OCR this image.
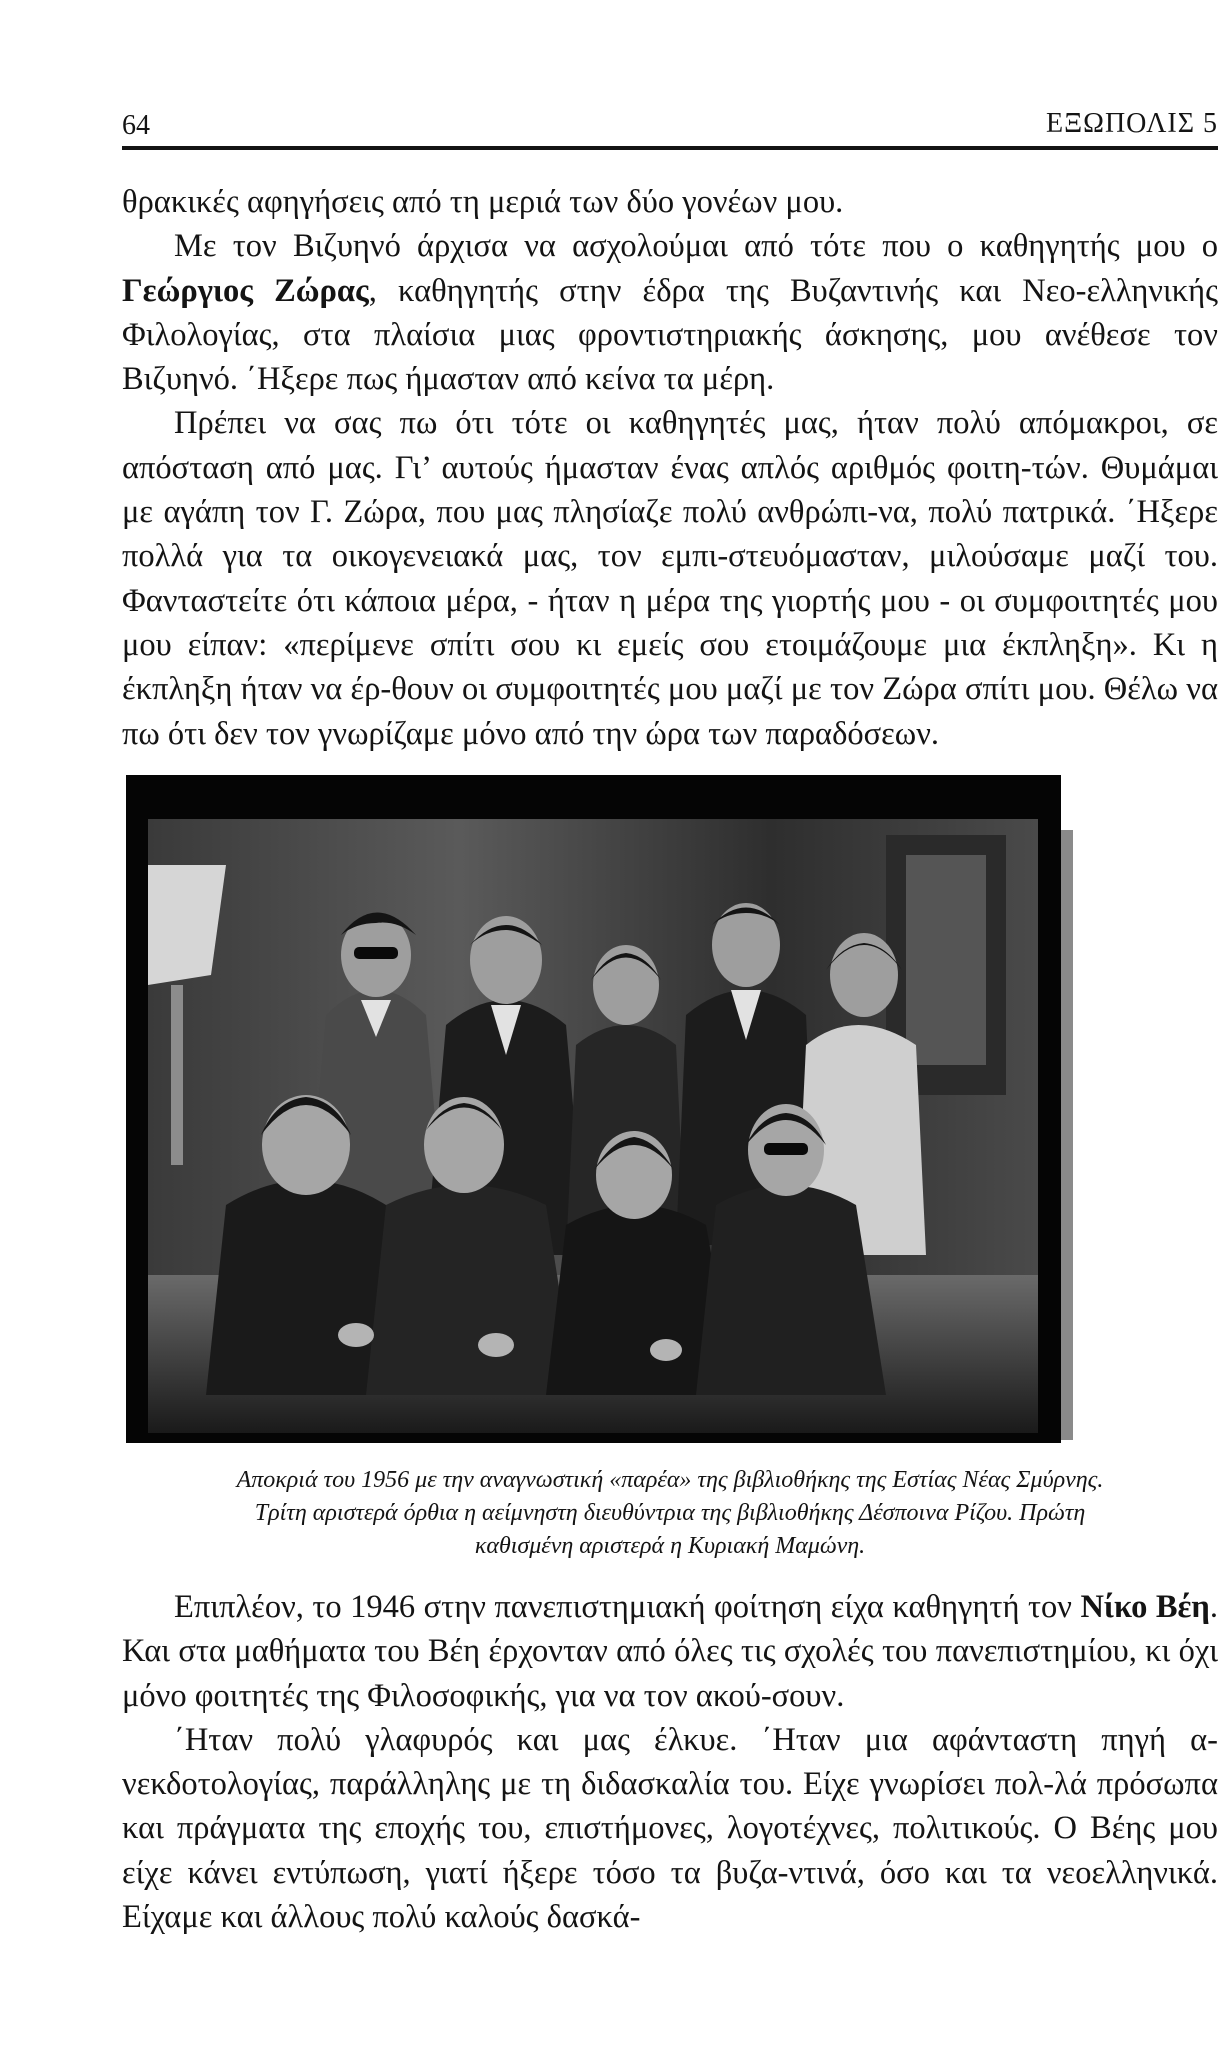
64	ΕΞΩΠΟΛΙΣ 5

θρακικές αφηγήσεις από τη μεριά των δύο γονέων μου.

Με τον Βιζυηνό άρχισα να ασχολούμαι από τότε που ο καθηγητής μου ο Γεώργιος Ζώρας, καθηγητής στην έδρα της Βυζαντινής και Νεο-ελληνικής Φιλολογίας, στα πλαίσια μιας φροντιστηριακής άσκησης, μου ανέθεσε τον Βιζυηνό. ΄Ηξερε πως ήμασταν από κείνα τα μέρη.

Πρέπει να σας πω ότι τότε οι καθηγητές μας, ήταν πολύ απόμακροι, σε απόσταση από μας. Γι’ αυτούς ήμασταν ένας απλός αριθμός φοιτη-τών. Θυμάμαι με αγάπη τον Γ. Ζώρα, που μας πλησίαζε πολύ ανθρώπι-να, πολύ πατρικά. ΄Ηξερε πολλά για τα οικογενειακά μας, τον εμπι-στευόμασταν, μιλούσαμε μαζί του. Φανταστείτε ότι κάποια μέρα, - ήταν η μέρα της γιορτής μου - οι συμφοιτητές μου μου είπαν: «περίμενε σπίτι σου κι εμείς σου ετοιμάζουμε μια έκπληξη». Κι η έκπληξη ήταν να έρ-θουν οι συμφοιτητές μου μαζί με τον Ζώρα σπίτι μου. Θέλω να πω ότι δεν τον γνωρίζαμε μόνο από την ώρα των παραδόσεων.

Αποκριά του 1956 με την αναγνωστική «παρέα» της βιβλιοθήκης της Εστίας Νέας Σμύρνης.
Τρίτη αριστερά όρθια η αείμνηστη διευθύντρια της βιβλιοθήκης Δέσποινα Ρίζου. Πρώτη
καθισμένη αριστερά η Κυριακή Μαμώνη.

Επιπλέον, το 1946 στην πανεπιστημιακή φοίτηση είχα καθηγητή τον Νίκο Βέη. Και στα μαθήματα του Βέη έρχονταν από όλες τις σχολές του πανεπιστημίου, κι όχι μόνο φοιτητές της Φιλοσοφικής, για να τον ακού-σουν.

΄Ηταν πολύ γλαφυρός και μας έλκυε. ΄Ηταν μια αφάνταστη πηγή α-νεκδοτολογίας, παράλληλης με τη διδασκαλία του. Είχε γνωρίσει πολ-λά πρόσωπα και πράγματα της εποχής του, επιστήμονες, λογοτέχνες, πολιτικούς. Ο Βέης μου είχε κάνει εντύπωση, γιατί ήξερε τόσο τα βυζα-ντινά, όσο και τα νεοελληνικά. Είχαμε και άλλους πολύ καλούς δασκά-
